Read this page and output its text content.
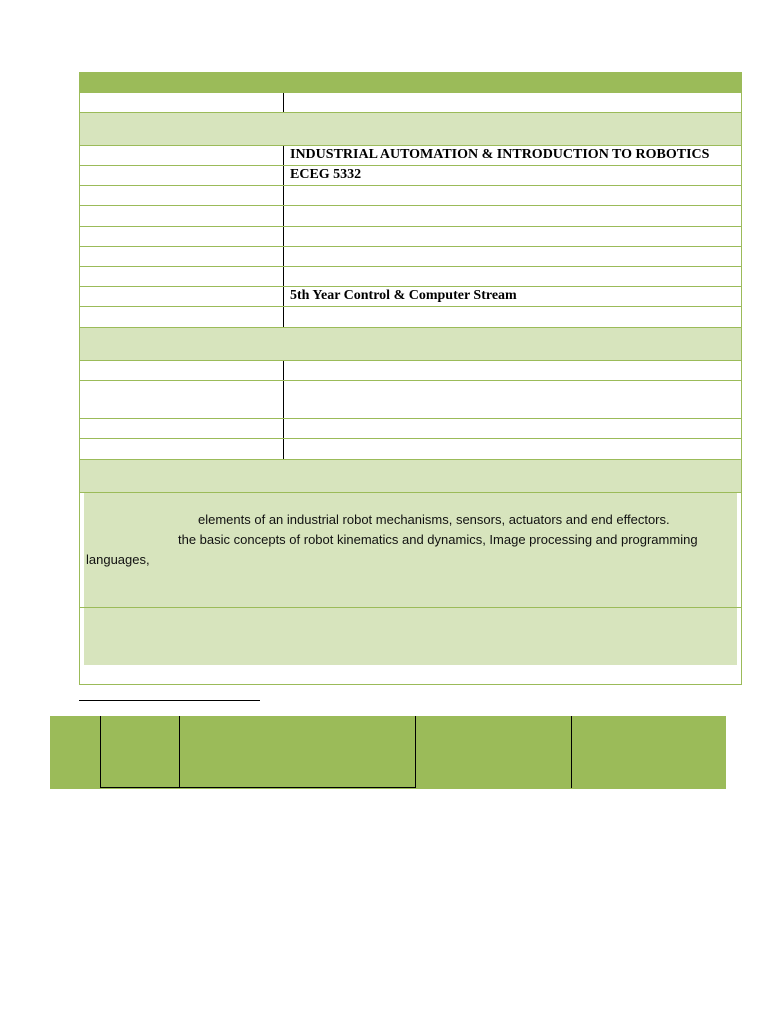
INDUSTRIAL AUTOMATION & INTRODUCTION TO ROBOTICS
ECEG 5332
5th Year Control & Computer Stream
elements of an industrial robot mechanisms, sensors, actuators and end effectors.
the basic concepts of robot kinematics and dynamics, Image processing and programming
languages,
